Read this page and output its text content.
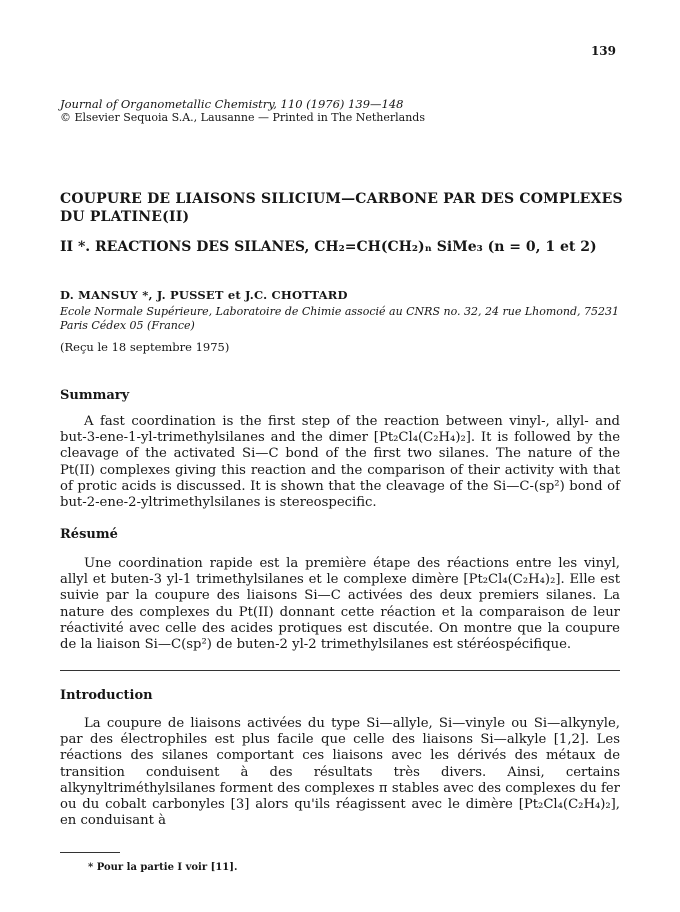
139
Journal of Organometallic Chemistry, 110 (1976) 139—148
© Elsevier Sequoia S.A., Lausanne — Printed in The Netherlands
COUPURE DE LIAISONS SILICIUM—CARBONE PAR DES COMPLEXES DU PLATINE(II)
II *. REACTIONS DES SILANES, CH₂=CH(CH₂)ₙ SiMe₃ (n = 0, 1 et 2)
D. MANSUY *, J. PUSSET et J.C. CHOTTARD
Ecole Normale Supérieure, Laboratoire de Chimie associé au CNRS no. 32, 24 rue Lhomond, 75231 Paris Cédex 05 (France)
(Reçu le 18 septembre 1975)
Summary
A fast coordination is the first step of the reaction between vinyl-, allyl- and but-3-ene-1-yl-trimethylsilanes and the dimer [Pt₂Cl₄(C₂H₄)₂]. It is followed by the cleavage of the activated Si—C bond of the first two silanes. The nature of the Pt(II) complexes giving this reaction and the comparison of their activity with that of protic acids is discussed. It is shown that the cleavage of the Si—C-(sp²) bond of but-2-ene-2-yltrimethylsilanes is stereospecific.
Résumé
Une coordination rapide est la première étape des réactions entre les vinyl, allyl et buten-3 yl-1 trimethylsilanes et le complexe dimère [Pt₂Cl₄(C₂H₄)₂]. Elle est suivie par la coupure des liaisons Si—C activées des deux premiers silanes. La nature des complexes du Pt(II) donnant cette réaction et la comparaison de leur réactivité avec celle des acides protiques est discutée. On montre que la coupure de la liaison Si—C(sp²) de buten-2 yl-2 trimethylsilanes est stéréospécifique.
Introduction
La coupure de liaisons activées du type Si—allyle, Si—vinyle ou Si—alkynyle, par des électrophiles est plus facile que celle des liaisons Si—alkyle [1,2]. Les réactions des silanes comportant ces liaisons avec les dérivés des métaux de transition conduisent à des résultats très divers. Ainsi, certains alkynyltriméthylsilanes forment des complexes π stables avec des complexes du fer ou du cobalt carbonyles [3] alors qu'ils réagissent avec le dimère [Pt₂Cl₄(C₂H₄)₂], en conduisant à
* Pour la partie I voir [11].
